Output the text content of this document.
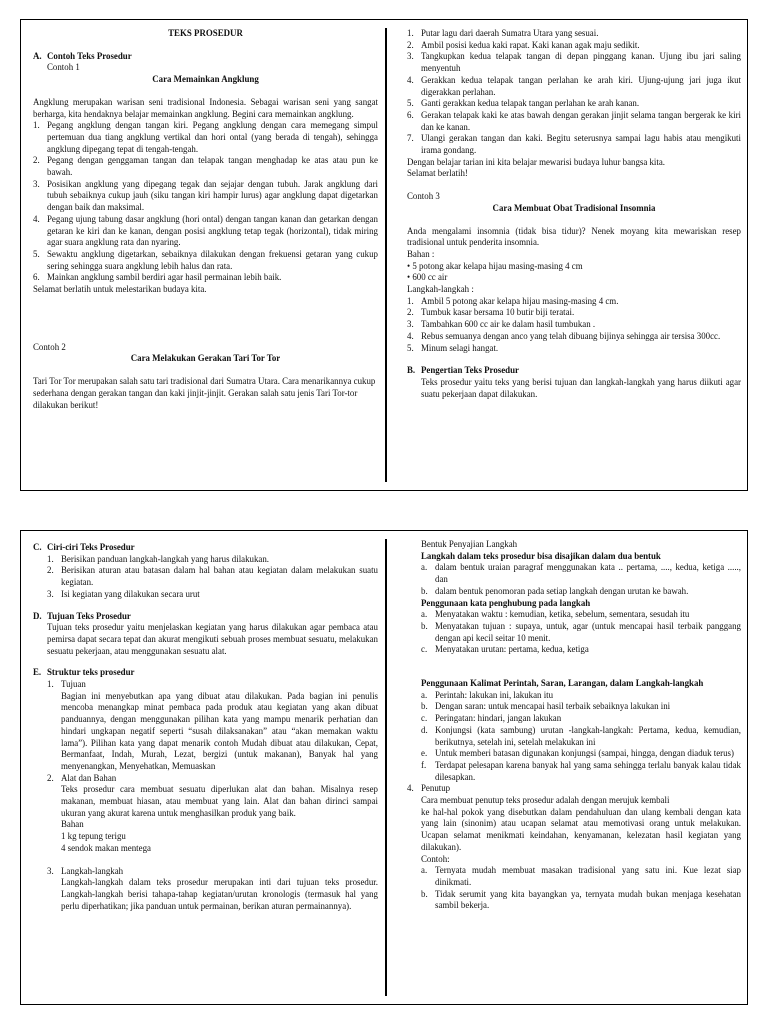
TEKS PROSEDUR

A. Contoh Teks Prosedur

Contoh 1

Cara Memainkan Angklung

Angklung merupakan warisan seni tradisional Indonesia. Sebagai warisan seni yang sangat berharga, kita hendaknya belajar memainkan angklung. Begini cara memainkan angklung.

1. Pegang angklung dengan tangan kiri. Pegang angklung dengan cara memegang simpul pertemuan dua tiang angklung vertikal dan hori ontal (yang berada di tengah), sehingga angklung dipegang tepat di tengah-tengah.
2. Pegang dengan genggaman tangan dan telapak tangan menghadap ke atas atau pun ke bawah.
3. Posisikan angklung yang dipegang tegak dan sejajar dengan tubuh. Jarak angklung dari tubuh sebaiknya cukup jauh (siku tangan kiri hampir lurus) agar angklung dapat digetarkan dengan baik dan maksimal.
4. Pegang ujung tabung dasar angklung (hori ontal) dengan tangan kanan dan getarkan dengan getaran ke kiri dan ke kanan, dengan posisi angklung tetap tegak (horizontal), tidak miring agar suara angklung rata dan nyaring.
5. Sewaktu angklung digetarkan, sebaiknya dilakukan dengan frekuensi getaran yang cukup sering sehingga suara angklung lebih halus dan rata.
6. Mainkan angklung sambil berdiri agar hasil permainan lebih baik.

Selamat berlatih untuk melestarikan budaya kita.

Contoh 2

Cara Melakukan Gerakan Tari Tor Tor

Tari Tor Tor merupakan salah satu tari tradisional dari Sumatra Utara. Cara menarikannya cukup sederhana dengan gerakan tangan dan kaki jinjit-jinjit. Gerakan salah satu jenis Tari Tor-tor dilakukan berikut!

1. Putar lagu dari daerah Sumatra Utara yang sesuai.
2. Ambil posisi kedua kaki rapat. Kaki kanan agak maju sedikit.
3. Tangkupkan kedua telapak tangan di depan pinggang kanan. Ujung ibu jari saling menyentuh
4. Gerakkan kedua telapak tangan perlahan ke arah kiri. Ujung-ujung jari juga ikut digerakkan perlahan.
5. Ganti gerakkan kedua telapak tangan perlahan ke arah kanan.
6. Gerakan telapak kaki ke atas bawah dengan gerakan jinjit selama tangan bergerak ke kiri dan ke kanan.
7. Ulangi gerakan tangan dan kaki. Begitu seterusnya sampai lagu habis atau mengikuti irama gondang.

Dengan belajar tarian ini kita belajar mewarisi budaya luhur bangsa kita.

Selamat berlatih!

Contoh 3

Cara Membuat Obat Tradisional Insomnia

Anda mengalami insomnia (tidak bisa tidur)? Nenek moyang kita mewariskan resep tradisional untuk penderita insomnia.

Bahan :

• 5 potong akar kelapa hijau masing-masing 4 cm

• 600 cc air

Langkah-langkah :

1. Ambil 5 potong akar kelapa hijau masing-masing 4 cm.
2. Tumbuk kasar bersama 10 butir biji teratai.
3. Tambahkan 600 cc air ke dalam hasil tumbukan .
4. Rebus semuanya dengan anco yang telah dibuang bijinya sehingga air tersisa 300cc.
5. Minum selagi hangat.
B. Pengertian Teks Prosedur

Teks prosedur yaitu teks yang berisi tujuan dan langkah-langkah yang harus diikuti agar suatu pekerjaan dapat dilakukan.

C. Ciri-ciri Teks Prosedur
1. Berisikan panduan langkah-langkah yang harus dilakukan.
2. Berisikan aturan atau batasan dalam hal bahan atau kegiatan dalam melakukan suatu kegiatan.
3. Isi kegiatan yang dilakukan secara urut
D. Tujuan Teks Prosedur

Tujuan teks prosedur yaitu menjelaskan kegiatan yang harus dilakukan agar pembaca atau pemirsa dapat secara tepat dan akurat mengikuti sebuah proses membuat sesuatu, melakukan sesuatu pekerjaan, atau menggunakan sesuatu alat.

E. Struktur teks prosedur
1. Tujuan

Bagian ini menyebutkan apa yang dibuat atau dilakukan. Pada bagian ini penulis mencoba menangkap minat pembaca pada produk atau kegiatan yang akan dibuat panduannya, dengan menggunakan pilihan kata yang mampu menarik perhatian dan hindari ungkapan negatif seperti “susah dilaksanakan” atau “akan memakan waktu lama”). Pilihan kata yang dapat menarik contoh Mudah dibuat atau dilakukan, Cepat, Bermanfaat, Indah, Murah, Lezat, bergizi (untuk makanan), Banyak hal yang menyenangkan, Menyehatkan, Memuaskan

2. Alat dan Bahan

Teks prosedur cara membuat sesuatu diperlukan alat dan bahan. Misalnya resep makanan, membuat hiasan, atau membuat yang lain. Alat dan bahan dirinci sampai ukuran yang akurat karena untuk menghasilkan produk yang baik.

Bahan

1 kg tepung terigu

4 sendok makan mentega

3. Langkah-langkah

Langkah-langkah dalam teks prosedur merupakan inti dari tujuan teks prosedur. Langkah-langkah berisi tahapa-tahap kegiatan/urutan kronologis (termasuk hal yang perlu diperhatikan; jika panduan untuk permainan, berikan aturan permainannya).

Bentuk Penyajian Langkah

Langkah dalam teks prosedur bisa disajikan dalam dua bentuk

a. dalam bentuk uraian paragraf menggunakan kata .. pertama, ...., kedua, ketiga ....., dan
b. dalam bentuk penomoran pada setiap langkah dengan urutan ke bawah.

Penggunaan kata penghubung pada langkah

a. Menyatakan waktu : kemudian, ketika, sebelum, sementara, sesudah itu
b. Menyatakan tujuan : supaya, untuk, agar (untuk mencapai hasil terbaik panggang dengan api kecil seitar 10 menit.
c. Menyatakan urutan: pertama, kedua, ketiga

Penggunaan Kalimat Perintah, Saran, Larangan, dalam Langkah-langkah

a. Perintah: lakukan ini, lakukan itu
b. Dengan saran: untuk mencapai hasil terbaik sebaiknya lakukan ini
c. Peringatan: hindari, jangan lakukan
d. Konjungsi (kata sambung) urutan -langkah-langkah: Pertama, kedua, kemudian, berikutnya, setelah ini, setelah melakukan ini
e. Untuk memberi batasan digunakan konjungsi (sampai, hingga, dengan diaduk terus)
f. Terdapat pelesapan karena banyak hal yang sama sehingga terlalu banyak kalau tidak dilesapkan.
4. Penutup

Cara membuat penutup teks prosedur adalah dengan merujuk kembali

ke hal-hal pokok yang disebutkan dalam pendahuluan dan ulang kembali dengan kata yang lain (sinonim) atau ucapan selamat atau memotivasi orang untuk melakukan. Ucapan selamat menikmati keindahan, kenyamanan, kelezatan hasil kegiatan yang dilakukan).

Contoh:

a. Ternyata mudah membuat masakan tradisional yang satu ini. Kue lezat siap dinikmati.
b. Tidak serumit yang kita bayangkan ya, ternyata mudah bukan menjaga kesehatan sambil bekerja.
